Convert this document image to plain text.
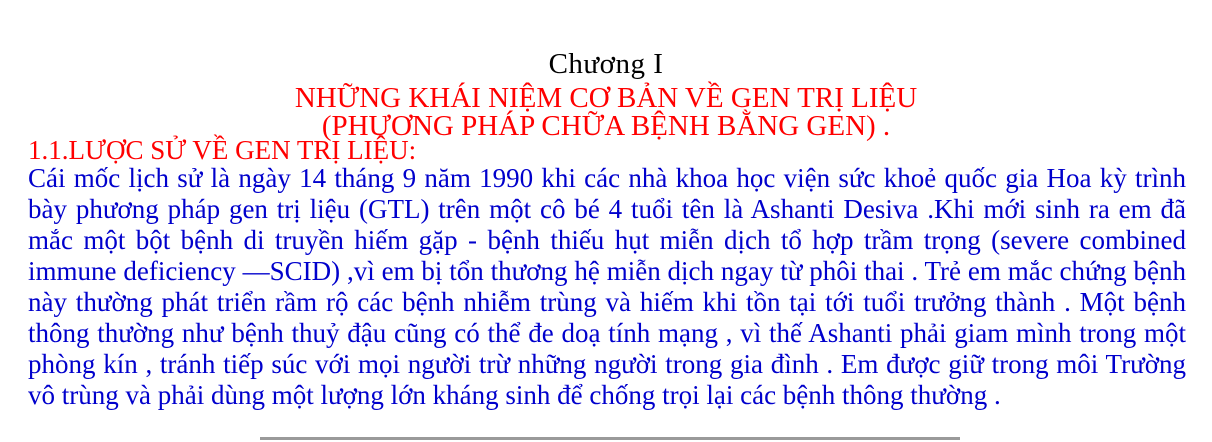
Chương I
NHỮNG KHÁI NIỆM CƠ BẢN VỀ GEN TRỊ LIỆU
(PHƯƠNG PHÁP CHỮA BỆNH BẰNG GEN) .
1.1.LƯỢC SỬ VỀ GEN TRỊ LIỆU:

Cái mốc lịch sử là ngày 14 tháng 9 năm 1990 khi các nhà khoa học viện sức khoẻ quốc gia Hoa kỳ trình bày phương pháp gen trị liệu (GTL) trên một cô bé 4 tuổi tên là Ashanti Desiva .Khi mới sinh ra em đã mắc một bột bệnh di truyền hiếm gặp - bệnh thiếu hụt miễn dịch tổ hợp trầm trọng (severe combined immune deficiency —SCID) ,vì em bị tổn thương hệ miễn dịch ngay từ phôi thai . Trẻ em mắc chứng bệnh này thường phát triển rầm rộ các bệnh nhiễm trùng và hiếm khi tồn tại tới tuổi trưởng thành . Một bệnh thông thường như bệnh thuỷ đậu cũng có thể đe doạ tính mạng , vì thế Ashanti phải giam mình trong một phòng kín , tránh tiếp súc với mọi người trừ những người trong gia đình . Em được giữ trong môi Trường vô trùng và phải dùng một lượng lớn kháng sinh để chống trọi lại các bệnh thông thường .
